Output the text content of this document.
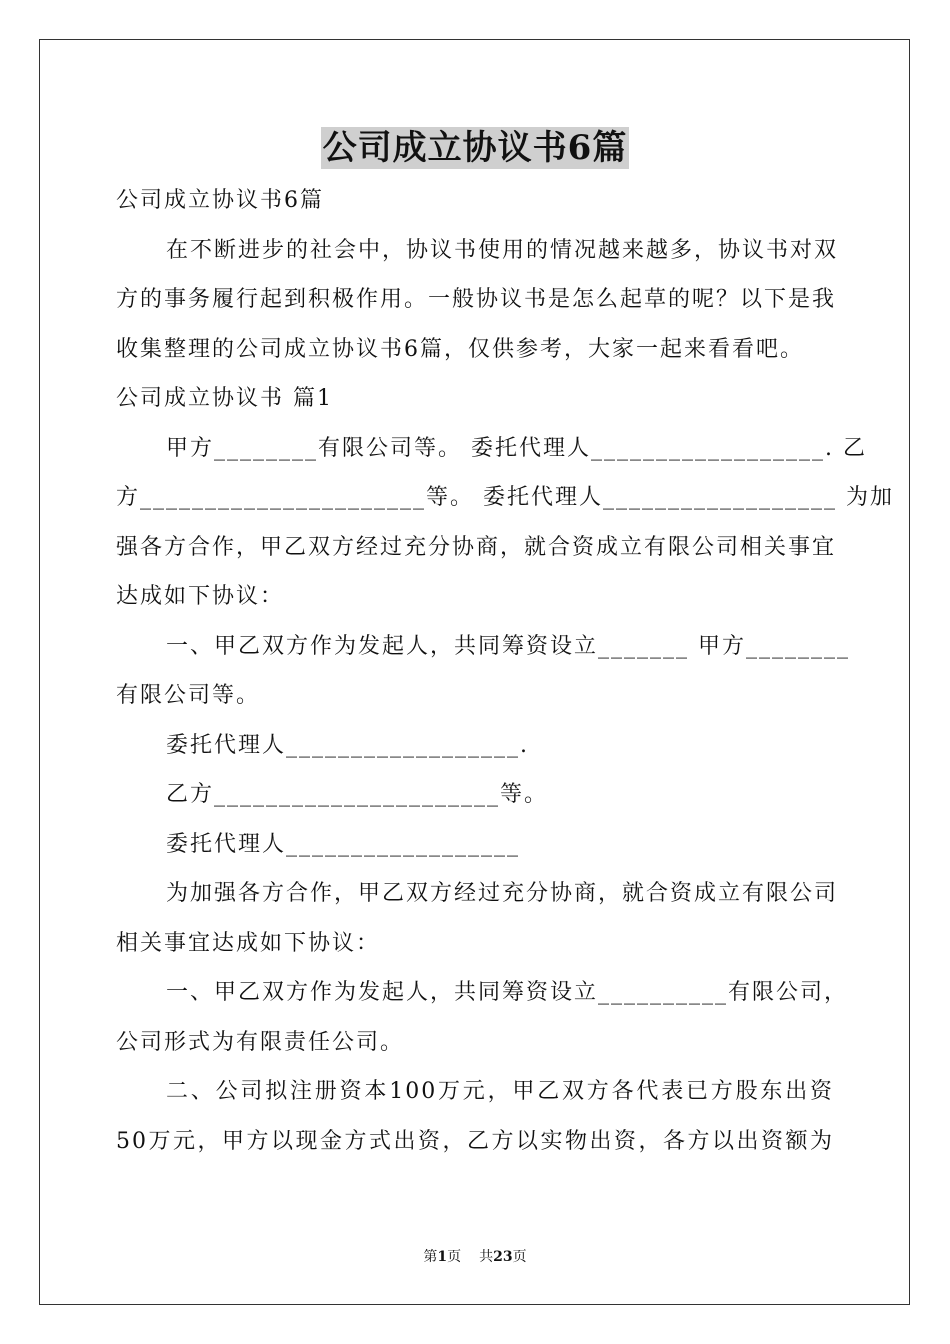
公司成立协议书6篇
公司成立协议书6篇
在不断进步的社会中，协议书使用的情况越来越多，协议书对双
方的事务履行起到积极作用。一般协议书是怎么起草的呢？以下是我
收集整理的公司成立协议书6篇，仅供参考，大家一起来看看吧。
公司成立协议书 篇1
甲方________有限公司等。 委托代理人__________________. 乙
方______________________等。 委托代理人__________________ 为加
强各方合作，甲乙双方经过充分协商，就合资成立有限公司相关事宜
达成如下协议：
一、甲乙双方作为发起人，共同筹资设立_______ 甲方________
有限公司等。
委托代理人__________________.
乙方______________________等。
委托代理人__________________
为加强各方合作，甲乙双方经过充分协商，就合资成立有限公司
相关事宜达成如下协议：
一、甲乙双方作为发起人，共同筹资设立__________有限公司，
公司形式为有限责任公司。
二、公司拟注册资本100万元，甲乙双方各代表已方股东出资
50万元，甲方以现金方式出资，乙方以实物出资，各方以出资额为
第1页 共23页
